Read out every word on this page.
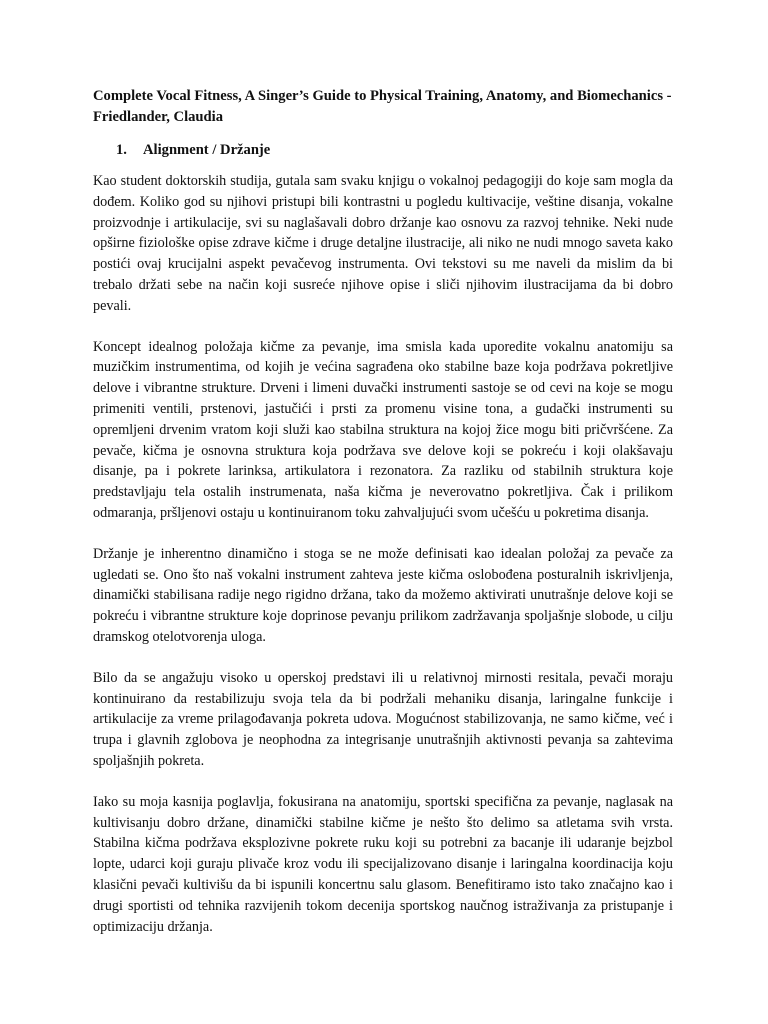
Complete Vocal Fitness, A Singer’s Guide to Physical Training, Anatomy, and Biomechanics - Friedlander, Claudia
1. Alignment / Držanje

Kao student doktorskih studija, gutala sam svaku knjigu o vokalnoj pedagogiji do koje sam mogla da dođem. Koliko god su njihovi pristupi bili kontrastni u pogledu kultivacije, veštine disanja, vokalne proizvodnje i artikulacije, svi su naglašavali dobro držanje kao osnovu za razvoj tehnike. Neki nude opširne fiziološke opise zdrave kičme i druge detaljne ilustracije, ali niko ne nudi mnogo saveta kako postići ovaj krucijalni aspekt pevačevog instrumenta. Ovi tekstovi su me naveli da mislim da bi trebalo držati sebe na način koji susreće njihove opise i sliči njihovim ilustracijama da bi dobro pevali.

Koncept idealnog položaja kičme za pevanje, ima smisla kada uporedite vokalnu anatomiju sa muzičkim instrumentima, od kojih je većina sagrađena oko stabilne baze koja podržava pokretljive delove i vibrantne strukture. Drveni i limeni duvački instrumenti sastoje se od cevi na koje se mogu primeniti ventili, prstenovi, jastučići i prsti za promenu visine tona, a gudački instrumenti su opremljeni drvenim vratom koji služi kao stabilna struktura na kojoj žice mogu biti pričvršćene. Za pevače, kičma je osnovna struktura koja podržava sve delove koji se pokreću i koji olakšavaju disanje, pa i pokrete larinksa, artikulatora i rezonatora. Za razliku od stabilnih struktura koje predstavljaju tela ostalih instrumenata, naša kičma je neverovatno pokretljiva. Čak i prilikom odmaranja, pršljenovi ostaju u kontinuiranom toku zahvaljujući svom učešću u pokretima disanja.

Držanje je inherentno dinamično i stoga se ne može definisati kao idealan položaj za pevače za ugledati se. Ono što naš vokalni instrument zahteva jeste kičma oslobođena posturalnih iskrivljenja, dinamički stabilisana radije nego rigidno držana, tako da možemo aktivirati unutrašnje delove koji se pokreću i vibrantne strukture koje doprinose pevanju prilikom zadržavanja spoljašnje slobode, u cilju dramskog otelotvorenja uloga.

Bilo da se angažuju visoko u operskoj predstavi ili u relativnoj mirnosti resitala, pevači moraju kontinuirano da restabilizuju svoja tela da bi podržali mehaniku disanja, laringalne funkcije i artikulacije za vreme prilagođavanja pokreta udova. Mogućnost stabilizovanja, ne samo kičme, već i trupa i glavnih zglobova je neophodna za integrisanje unutrašnjih aktivnosti pevanja sa zahtevima spoljašnjih pokreta.

Iako su moja kasnija poglavlja, fokusirana na anatomiju, sportski specifična za pevanje, naglasak na kultivisanju dobro držane, dinamički stabilne kičme je nešto što delimo sa atletama svih vrsta. Stabilna kičma podržava eksplozivne pokrete ruku koji su potrebni za bacanje ili udaranje bejzbol lopte, udarci koji guraju plivače kroz vodu ili specijalizovano disanje i laringalna koordinacija koju klasični pevači kultivišu da bi ispunili koncertnu salu glasom. Benefitiramo isto tako značajno kao i drugi sportisti od tehnika razvijenih tokom decenija sportskog naučnog istraživanja za pristupanje i optimizaciju držanja.
